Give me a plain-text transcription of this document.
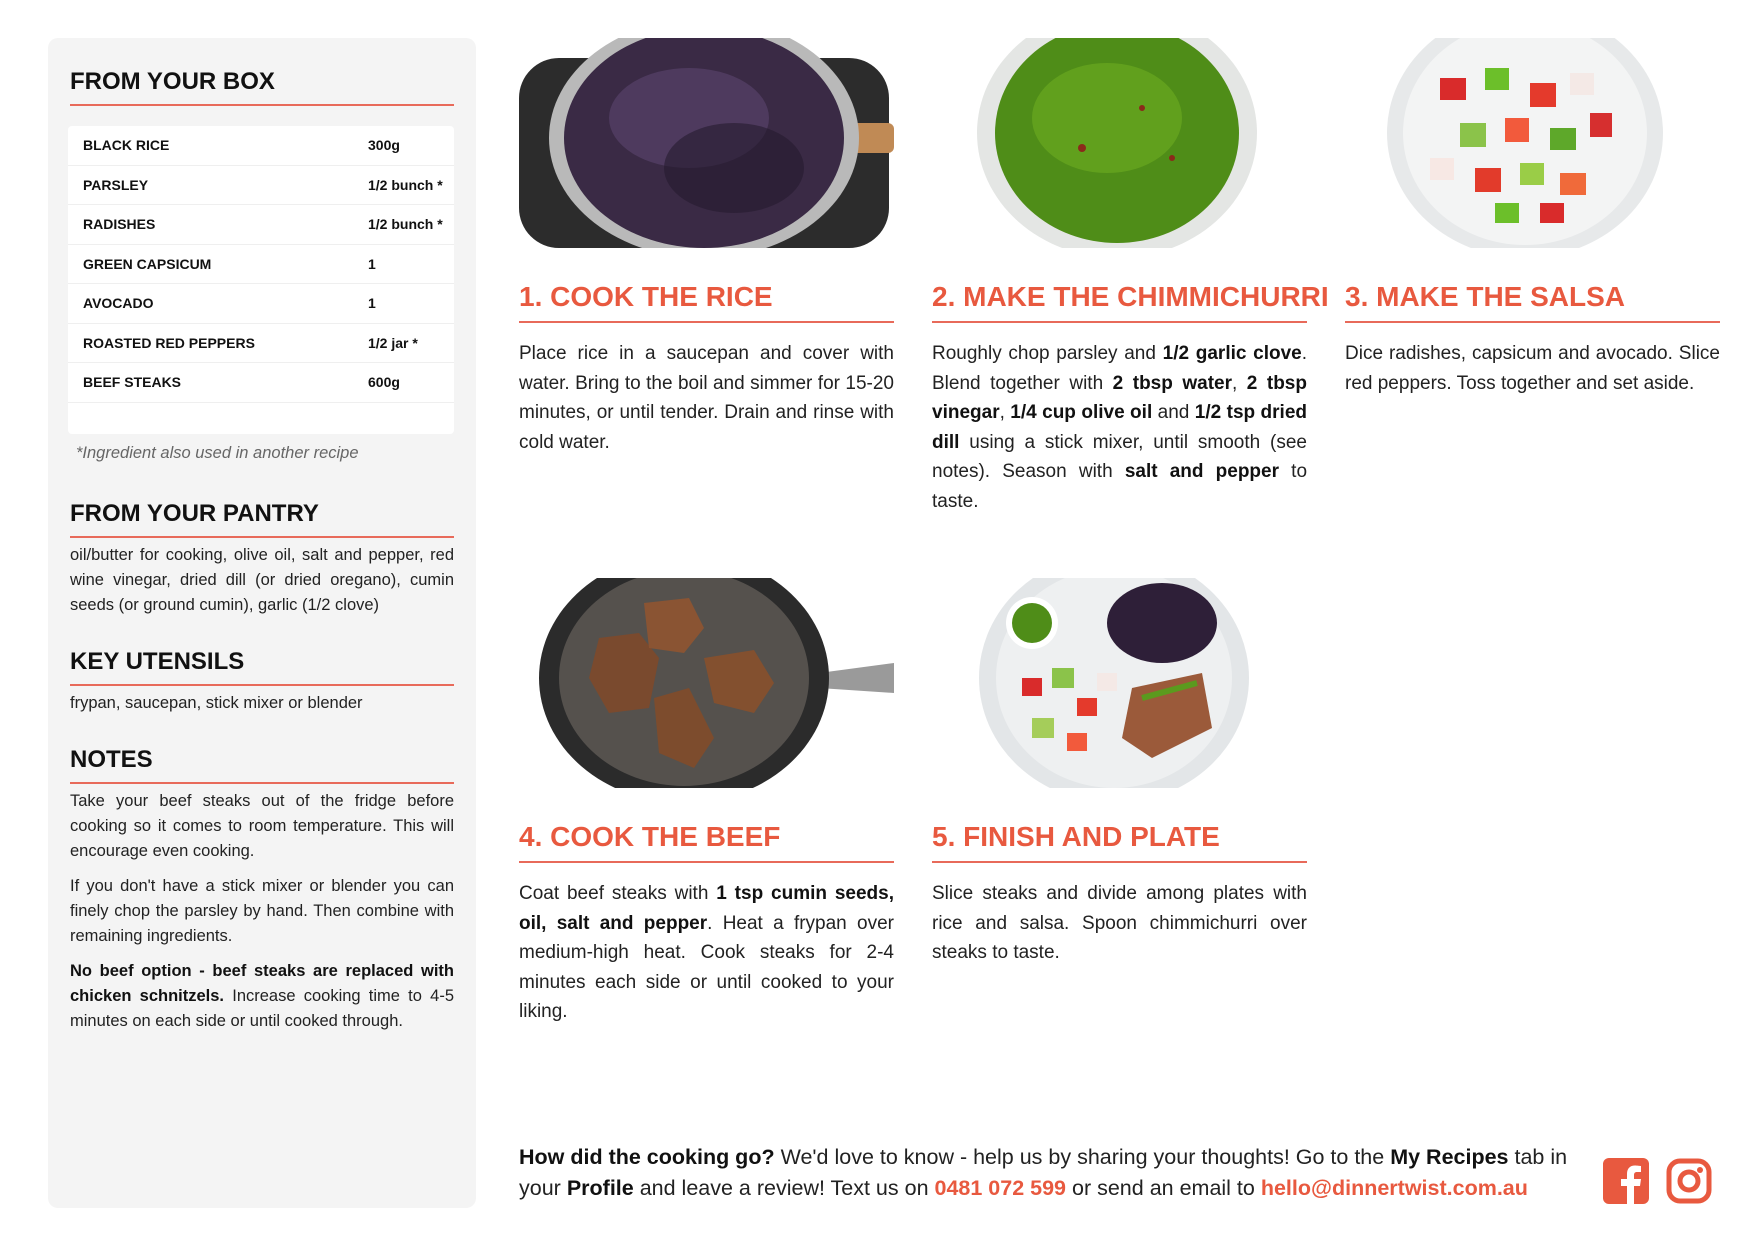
FROM YOUR BOX
BLACK RICE	300g
PARSLEY	1/2 bunch *
RADISHES	1/2 bunch *
GREEN CAPSICUM	1
AVOCADO	1
ROASTED RED PEPPERS	1/2 jar *
BEEF STEAKS	600g
*Ingredient also used in another recipe
FROM YOUR PANTRY
oil/butter for cooking, olive oil, salt and pepper, red wine vinegar, dried dill (or dried oregano), cumin seeds (or ground cumin), garlic (1/2 clove)
KEY UTENSILS
frypan, saucepan, stick mixer or blender
NOTES

Take your beef steaks out of the fridge before cooking so it comes to room temperature. This will encourage even cooking.

If you don't have a stick mixer or blender you can finely chop the parsley by hand. Then combine with remaining ingredients.

No beef option - beef steaks are replaced with chicken schnitzels. Increase cooking time to 4-5 minutes on each side or until cooked through.

1. COOK THE RICE
Place rice in a saucepan and cover with water. Bring to the boil and simmer for 15-20 minutes, or until tender. Drain and rinse with cold water.
2. MAKE THE CHIMMICHURRI
Roughly chop parsley and 1/2 garlic clove. Blend together with 2 tbsp water, 2 tbsp vinegar, 1/4 cup olive oil and 1/2 tsp dried dill using a stick mixer, until smooth (see notes). Season with salt and pepper to taste.
3. MAKE THE SALSA
Dice radishes, capsicum and avocado. Slice red peppers. Toss together and set aside.
4. COOK THE BEEF
Coat beef steaks with 1 tsp cumin seeds, oil, salt and pepper. Heat a frypan over medium-high heat. Cook steaks for 2-4 minutes each side or until cooked to your liking.
5. FINISH AND PLATE
Slice steaks and divide among plates with rice and salsa. Spoon chimmichurri over steaks to taste.
How did the cooking go? We'd love to know - help us by sharing your thoughts! Go to the My Recipes tab in your Profile and leave a review! Text us on 0481 072 599 or send an email to hello@dinnertwist.com.au
